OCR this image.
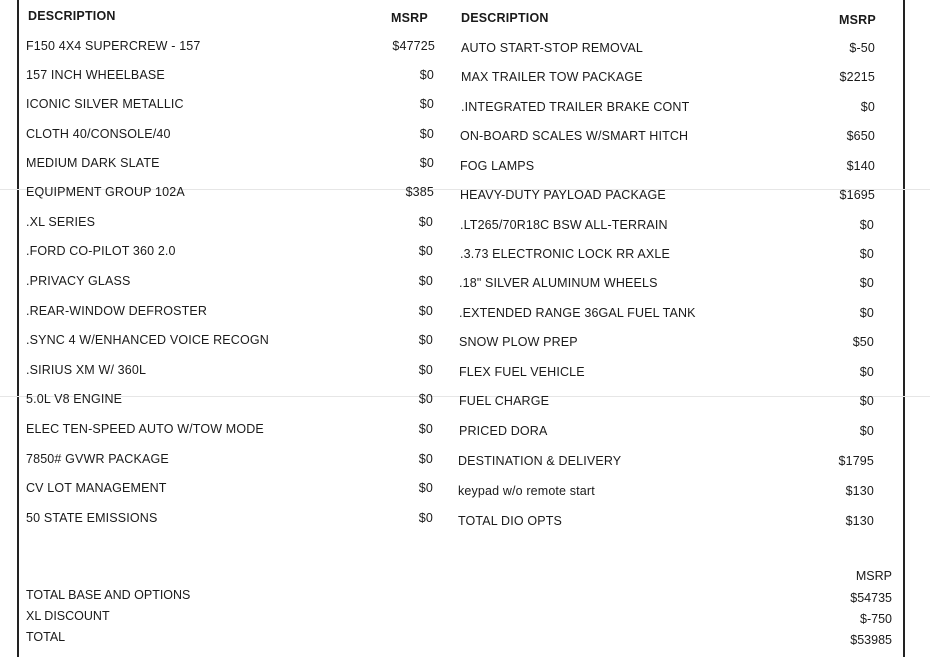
DESCRIPTION	MSRP
F150 4X4 SUPERCREW - 157	$47725
157 INCH WHEELBASE	$0
ICONIC SILVER METALLIC	$0
CLOTH 40/CONSOLE/40	$0
MEDIUM DARK SLATE	$0
EQUIPMENT GROUP 102A	$385
.XL SERIES	$0
.FORD CO-PILOT 360 2.0	$0
.PRIVACY GLASS	$0
.REAR-WINDOW DEFROSTER	$0
.SYNC 4 W/ENHANCED VOICE RECOGN	$0
.SIRIUS XM W/ 360L	$0
5.0L V8 ENGINE	$0
ELEC TEN-SPEED AUTO W/TOW MODE	$0
7850# GVWR PACKAGE	$0
CV LOT MANAGEMENT	$0
50 STATE EMISSIONS	$0
DESCRIPTION	MSRP
AUTO START-STOP REMOVAL	$-50
MAX TRAILER TOW PACKAGE	$2215
.INTEGRATED TRAILER BRAKE CONT	$0
ON-BOARD SCALES W/SMART HITCH	$650
FOG LAMPS	$140
HEAVY-DUTY PAYLOAD PACKAGE	$1695
.LT265/70R18C BSW ALL-TERRAIN	$0
.3.73 ELECTRONIC LOCK RR AXLE	$0
.18" SILVER ALUMINUM WHEELS	$0
.EXTENDED RANGE 36GAL FUEL TANK	$0
SNOW PLOW PREP	$50
FLEX FUEL VEHICLE	$0
FUEL CHARGE	$0
PRICED DORA	$0
DESTINATION & DELIVERY	$1795
keypad w/o remote start	$130
TOTAL DIO OPTS	$130
MSRP
TOTAL BASE AND OPTIONS	$54735
XL DISCOUNT	$-750
TOTAL	$53985
